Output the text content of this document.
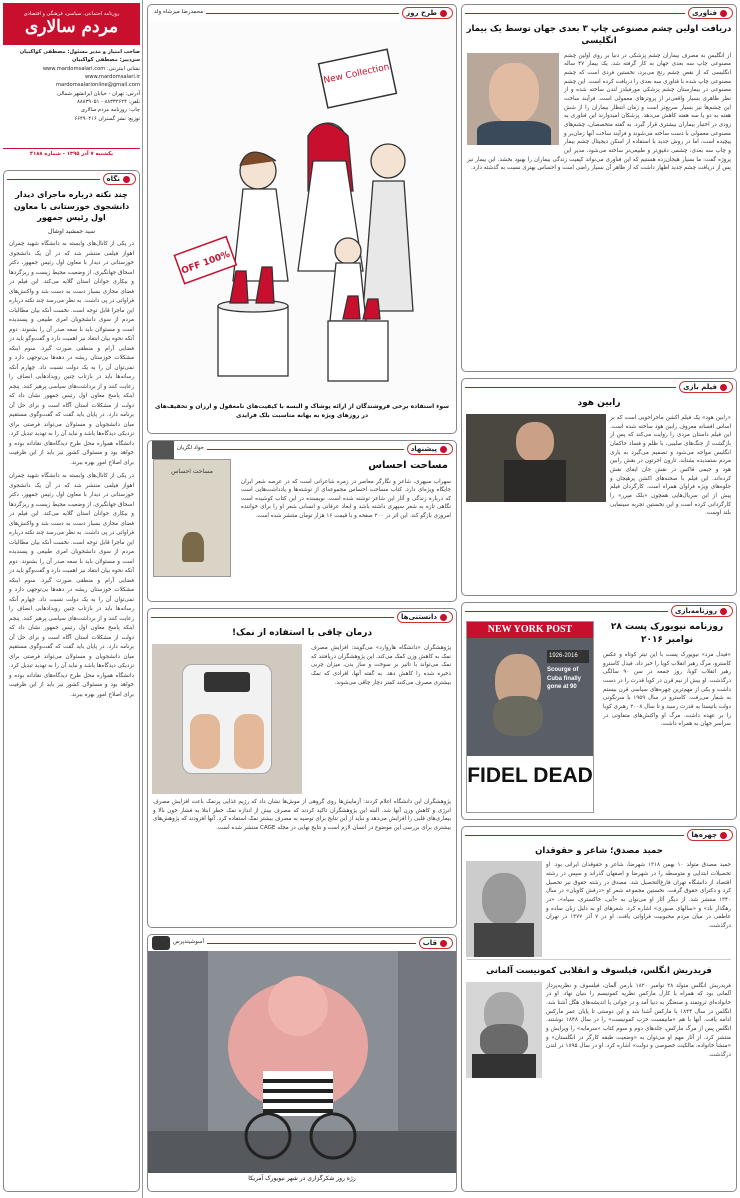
روزنامه اجتماعی، سیاسی، فرهنگی و اقتصادی
مردم سالاری
صاحب امتیاز و مدیر مسئول: مصطفی کواکبیان
سردبیر: مصطفی کواکبیان
نشانی اینترنتی: www.mardomsalari.com
www.mardomsalari.ir
mardomsalarionline@gmail.com
آدرس: تهران - خیابان ایرانشهر شمالی
تلفن: ۸۸۳۳۲۶۲۴ - ۸۸۸۳۹۰۵۱
چاپ: روزنامه مردم سالاری
توزیع: نشر گستران ۶۶۴۹۰۴۱۶
یکشنبه ۷ آذر ۱۳۹۵ - شماره ۴۱۸۸
نگاه
چند نکته درباره ماجرای دیدار دانشجوی خوزستانی با معاون اول رئیس جمهور
سید جمشید اوشال
در یکی از کانال‌های وابسته به دانشگاه شهید چمران اهواز فیلمی منتشر شد که در آن یک دانشجوی خوزستانی در دیدار با معاون اول رئیس جمهور، دکتر اسحاق جهانگیری، از وضعیت محیط زیست و ریزگردها و بیکاری جوانان استان گلایه می‌کند. این فیلم در فضای مجازی بسیار دست به دست شد و واکنش‌های فراوانی در پی داشت. به نظر می‌رسد چند نکته درباره این ماجرا قابل توجه است. نخست آنکه بیان مطالبات مردم از سوی دانشجویان امری طبیعی و پسندیده است و مسئولان باید با سعه صدر آن را بشنوند. دوم آنکه نحوه بیان انتقاد نیز اهمیت دارد و گفت‌وگو باید در فضایی آرام و منطقی صورت گیرد. سوم اینکه مشکلات خوزستان ریشه در دهه‌ها بی‌توجهی دارد و نمی‌توان آن را به یک دولت نسبت داد. چهارم آنکه رسانه‌ها باید در بازتاب چنین رویدادهایی انصاف را رعایت کنند و از برداشت‌های سیاسی پرهیز کنند. پنجم اینکه پاسخ معاون اول رئیس جمهور نشان داد که دولت از مشکلات استان آگاه است و برای حل آن برنامه دارد. در پایان باید گفت که گفت‌وگوی مستقیم میان دانشجویان و مسئولان می‌تواند فرصتی برای نزدیکی دیدگاه‌ها باشد و نباید آن را به تهدید تبدیل کرد. دانشگاه همواره محل طرح دیدگاه‌های نقادانه بوده و خواهد بود و مسئولان کشور نیز باید از این ظرفیت برای اصلاح امور بهره ببرند.
در یکی از کانال‌های وابسته به دانشگاه شهید چمران اهواز فیلمی منتشر شد که در آن یک دانشجوی خوزستانی در دیدار با معاون اول رئیس جمهور، دکتر اسحاق جهانگیری، از وضعیت محیط زیست و ریزگردها و بیکاری جوانان استان گلایه می‌کند. این فیلم در فضای مجازی بسیار دست به دست شد و واکنش‌های فراوانی در پی داشت. به نظر می‌رسد چند نکته درباره این ماجرا قابل توجه است. نخست آنکه بیان مطالبات مردم از سوی دانشجویان امری طبیعی و پسندیده است و مسئولان باید با سعه صدر آن را بشنوند. دوم آنکه نحوه بیان انتقاد نیز اهمیت دارد و گفت‌وگو باید در فضایی آرام و منطقی صورت گیرد. سوم اینکه مشکلات خوزستان ریشه در دهه‌ها بی‌توجهی دارد و نمی‌توان آن را به یک دولت نسبت داد. چهارم آنکه رسانه‌ها باید در بازتاب چنین رویدادهایی انصاف را رعایت کنند و از برداشت‌های سیاسی پرهیز کنند. پنجم اینکه پاسخ معاون اول رئیس جمهور نشان داد که دولت از مشکلات استان آگاه است و برای حل آن برنامه دارد. در پایان باید گفت که گفت‌وگوی مستقیم میان دانشجویان و مسئولان می‌تواند فرصتی برای نزدیکی دیدگاه‌ها باشد و نباید آن را به تهدید تبدیل کرد. دانشگاه همواره محل طرح دیدگاه‌های نقادانه بوده و خواهد بود و مسئولان کشور نیز باید از این ظرفیت برای اصلاح امور بهره ببرند.
طرح روز
محمدرضا میرشاه ولد
New Collection
100% OFF
سوء استفاده برخی فروشندگان از ارائه پوشاک و البسه با کیفیت‌های نامعقول و ارزان و تخفیف‌های در روزهای ویژه به بهانه مناسبت بلک فرایدی
پیشنهاد
جواد لگزیان
مساحت احساس
سهراب سپهری، شاعر و نگارگر معاصر در زمره شاعرانی است که در عرصه شعر ایران جایگاه ویژه‌ای دارد. کتاب مساحت احساس مجموعه‌ای از نوشته‌ها و یادداشت‌هایی است که درباره زندگی و آثار این شاعر نوشته شده است. نویسنده در این کتاب کوشیده است نگاهی تازه به شعر سپهری داشته باشد و ابعاد عرفانی و انسانی شعر او را برای خواننده امروزی بازگو کند. این اثر در ۲۰۰ صفحه و با قیمت ۱۶ هزار تومان منتشر شده است.
مساحت احساس
دانستنی‌ها
درمان چاقی با استفاده از نمک!
پژوهشگران «دانشگاه هاروارد» می‌گویند: افزایش مصرف نمک به کاهش وزن کمک می‌کند. این پژوهشگران دریافتند که نمک می‌تواند با تاثیر بر سوخت و ساز بدن، میزان چربی ذخیره شده را کاهش دهد. به گفته آنها، افرادی که نمک بیشتری مصرف می‌کنند کمتر دچار چاقی می‌شوند.
پژوهشگران این دانشگاه اعلام کردند: آزمایش‌ها روی گروهی از موش‌ها نشان داد که رژیم غذایی پرنمک باعث افزایش مصرف انرژی و کاهش وزن آنها شد. البته این پژوهشگران تاکید کردند که مصرف بیش از اندازه نمک خطر ابتلا به فشار خون بالا و بیماری‌های قلبی را افزایش می‌دهد و نباید از این نتایج برای توصیه به مصرف بیشتر نمک استفاده کرد. آنها افزودند که پژوهش‌های بیشتری برای بررسی این موضوع در انسان لازم است و نتایج نهایی در مجله CAGE منتشر شده است.
قاب
آسوشیتدپرس
رژه روز شکرگزاری در شهر نیویورک آمریکا
فناوری
دریافت اولین چشم مصنوعی چاپ ۳ بعدی جهان توسط یک بیمار انگلیسی
از انگلیس به مصرف بیماران چشم پزشکی در دنیا بر روی اولین چشم مصنوعی چاپ سه بعدی جهان به کار گرفته شد. یک بیمار ۴۷ ساله انگلیسی که از نقص چشم رنج می‌برد، نخستین فردی است که چشم مصنوعی چاپ شده با فناوری سه بعدی را دریافت کرده است. این چشم مصنوعی در بیمارستان چشم پزشکی مورفیلدز لندن ساخته شده و از نظر ظاهری بسیار واقعی‌تر از پروتزهای معمولی است. فرآیند ساخت این چشم‌ها نیز بسیار سریع‌تر است و زمان انتظار بیماران را از شش هفته به دو یا سه هفته کاهش می‌دهد. پزشکان امیدوارند این فناوری به زودی در اختیار بیماران بیشتری قرار گیرد. به گفته متخصصان، چشم‌های مصنوعی معمولی با دست ساخته می‌شوند و فرآیند ساخت آنها زمان‌بر و پیچیده است، اما در روش جدید با استفاده از اسکن دیجیتال چشم بیمار و چاپ سه بعدی، چشمی دقیق‌تر و طبیعی‌تر ساخته می‌شود. مدیر این پروژه گفت: ما بسیار هیجان‌زده هستیم که این فناوری می‌تواند کیفیت زندگی بیماران را بهبود بخشد. این بیمار نیز پس از دریافت چشم جدید اظهار داشت که از ظاهر آن بسیار راضی است و احساس بهتری نسبت به گذشته دارد.
فیلم بازی
رابین هود
«رابین هود» یک فیلم اکشن ماجراجویی است که بر اساس افسانه معروف رابین هود ساخته شده است. این فیلم داستان مردی را روایت می‌کند که پس از بازگشت از جنگ‌های صلیبی، با ظلم و فساد حاکمان انگلیس مواجه می‌شود و تصمیم می‌گیرد به یاری مردم ستمدیده بشتابد. تارون اجرتون در نقش رابین هود و جیمی فاکس در نقش جان ایفای نقش کرده‌اند. این فیلم با صحنه‌های اکشن پرهیجان و جلوه‌های ویژه فراوان همراه است. کارگردان فیلم پیش از این سریال‌هایی همچون «بلک میرر» را کارگردانی کرده است و این نخستین تجربه سینمایی بلند اوست.
روزنامه‌بازی
روزنامه نیویورک پست ۲۸ نوامبر ۲۰۱۶
«فیدل مرد» نیویورک پست با این تیتر کوتاه و عکس کاسترو، مرگ رهبر انقلاب کوبا را خبر داد. فیدل کاسترو رهبر انقلاب کوبا، روز جمعه در سن ۹۰ سالگی درگذشت. او بیش از نیم قرن در کوبا قدرت را در دست داشت و یکی از مهم‌ترین چهره‌های سیاسی قرن بیستم به شمار می‌رفت. کاسترو در سال ۱۹۵۹ با سرنگونی دولت باتیستا به قدرت رسید و تا سال ۲۰۰۸ رهبری کوبا را بر عهده داشت. مرگ او واکنش‌های متفاوتی در سراسر جهان به همراه داشت.
NEW YORK POST
1926-2016
Scourge of Cuba finally gone at 90
FIDEL DEAD
چهره‌ها
حمید مصدق؛ شاعر و حقوقدان
حمید مصدق متولد ۱۰ بهمن ۱۳۱۸ شهرضا، شاعر و حقوقدان ایرانی بود. او تحصیلات ابتدایی و متوسطه را در شهرضا و اصفهان گذراند و سپس در رشته اقتصاد از دانشگاه تهران فارغ‌التحصیل شد. مصدق در رشته حقوق نیز تحصیل کرد و دکترای حقوق گرفت. نخستین مجموعه شعر او «درفش کاویان» در سال ۱۳۴۰ منتشر شد. از دیگر آثار او می‌توان به «آبی، خاکستری، سیاه»، «در رهگذار باد» و «سالهای صبوری» اشاره کرد. شعرهای او به دلیل زبان ساده و عاطفی در میان مردم محبوبیت فراوانی یافت. او در ۷ آذر ۱۳۷۷ در تهران درگذشت.
فریدریش انگلس، فیلسوف و انقلابی کمونیست آلمانی
فریدریش انگلس متولد ۲۸ نوامبر ۱۸۲۰ بارمن آلمان، فیلسوف و نظریه‌پرداز آلمانی بود که همراه با کارل مارکس نظریه کمونیسم را بنیان نهاد. او در خانواده‌ای ثروتمند و صنعتگر به دنیا آمد و در جوانی با اندیشه‌های هگل آشنا شد. انگلس در سال ۱۸۴۴ با مارکس آشنا شد و این دوستی تا پایان عمر مارکس ادامه یافت. آنها با هم «مانیفست حزب کمونیست» را در سال ۱۸۴۸ نوشتند. انگلس پس از مرگ مارکس، جلدهای دوم و سوم کتاب «سرمایه» را ویرایش و منتشر کرد. از آثار مهم او می‌توان به «وضعیت طبقه کارگر در انگلستان» و «منشأ خانواده، مالکیت خصوصی و دولت» اشاره کرد. او در سال ۱۸۹۵ در لندن درگذشت.
